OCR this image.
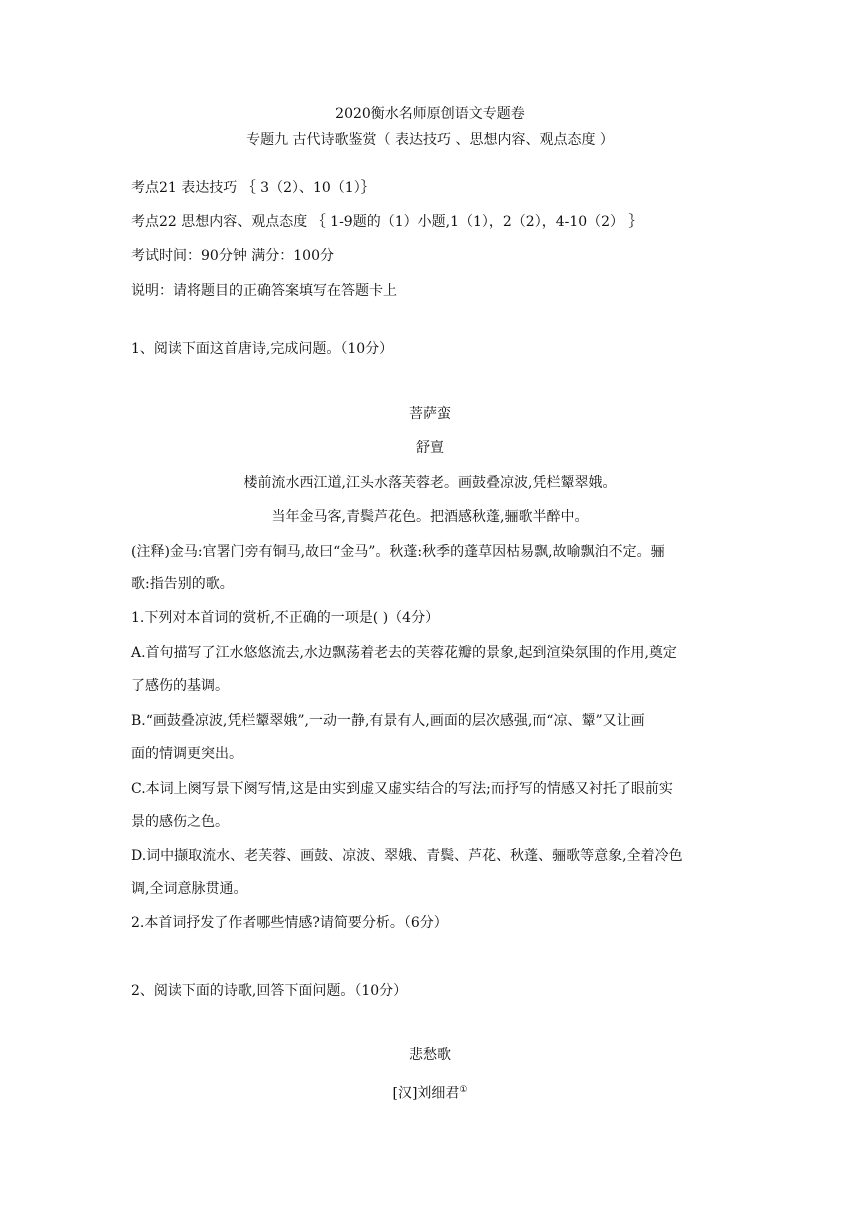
2020衡水名师原创语文专题卷
专题九 古代诗歌鉴赏（ 表达技巧 、思想内容、观点态度 ）
考点21 表达技巧 ｛ 3（2）、10（1）｝
考点22 思想内容、观点态度 ｛ 1-9题的（1）小题,1（1），2（2），4-10（2） ｝
考试时间：90分钟 满分：100分
说明：请将题目的正确答案填写在答题卡上
1、阅读下面这首唐诗,完成问题。（10分）
菩萨蛮
舒亶
楼前流水西江道,江头水落芙蓉老。画鼓叠凉波,凭栏颦翠娥。
当年金马客,青鬓芦花色。把酒感秋蓬,骊歌半醉中。
(注释)金马:官署门旁有铜马,故曰“金马”。秋蓬:秋季的蓬草因枯易飘,故喻飘泊不定。骊
歌:指告别的歌。
1.下列对本首词的赏析,不正确的一项是( )（4分）
A.首句描写了江水悠悠流去,水边飘荡着老去的芙蓉花瓣的景象,起到渲染氛围的作用,奠定
了感伤的基调。
B.“画鼓叠凉波,凭栏颦翠娥”,一动一静,有景有人,画面的层次感强,而“凉、颦”又让画
面的情调更突出。
C.本词上阕写景下阕写情,这是由实到虚又虚实结合的写法;而抒写的情感又衬托了眼前实
景的感伤之色。
D.词中撷取流水、老芙蓉、画鼓、凉波、翠娥、青鬓、芦花、秋蓬、骊歌等意象,全着冷色
调,全词意脉贯通。
2.本首词抒发了作者哪些情感?请简要分析。（6分）
2、阅读下面的诗歌,回答下面问题。（10分）
悲愁歌
[汉]刘细君①
